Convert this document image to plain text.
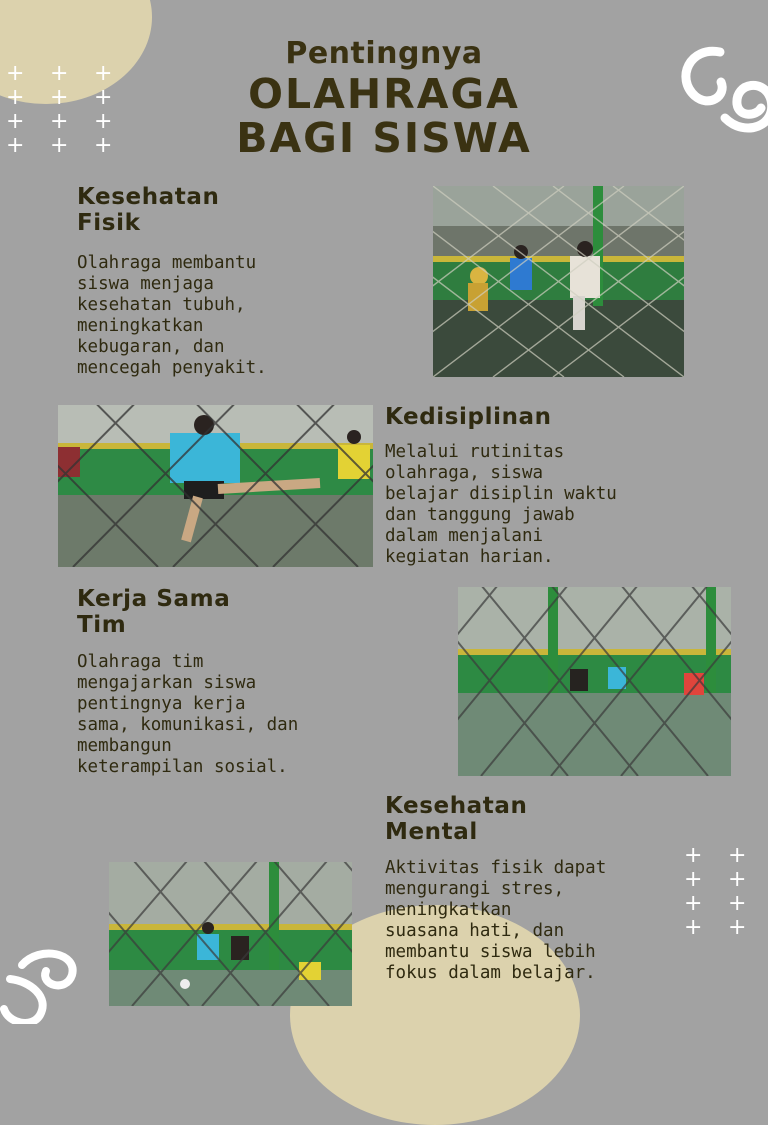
+	+	+
+	+	+
+	+	+
+	+	+
+	+
+	+
+	+
+	+
Pentingnya
OLAHRAGA
BAGI SISWA
Kesehatan
Fisik
Olahraga membantu
siswa menjaga
kesehatan tubuh,
meningkatkan
kebugaran, dan
mencegah penyakit.
Kedisiplinan
Melalui rutinitas
olahraga, siswa
belajar disiplin waktu
dan tanggung jawab
dalam menjalani
kegiatan harian.
Kerja Sama
Tim
Olahraga tim
mengajarkan siswa
pentingnya kerja
sama, komunikasi, dan
membangun
keterampilan sosial.
Kesehatan
Mental
Aktivitas fisik dapat
mengurangi stres,
meningkatkan
suasana hati, dan
membantu siswa lebih
fokus dalam belajar.
